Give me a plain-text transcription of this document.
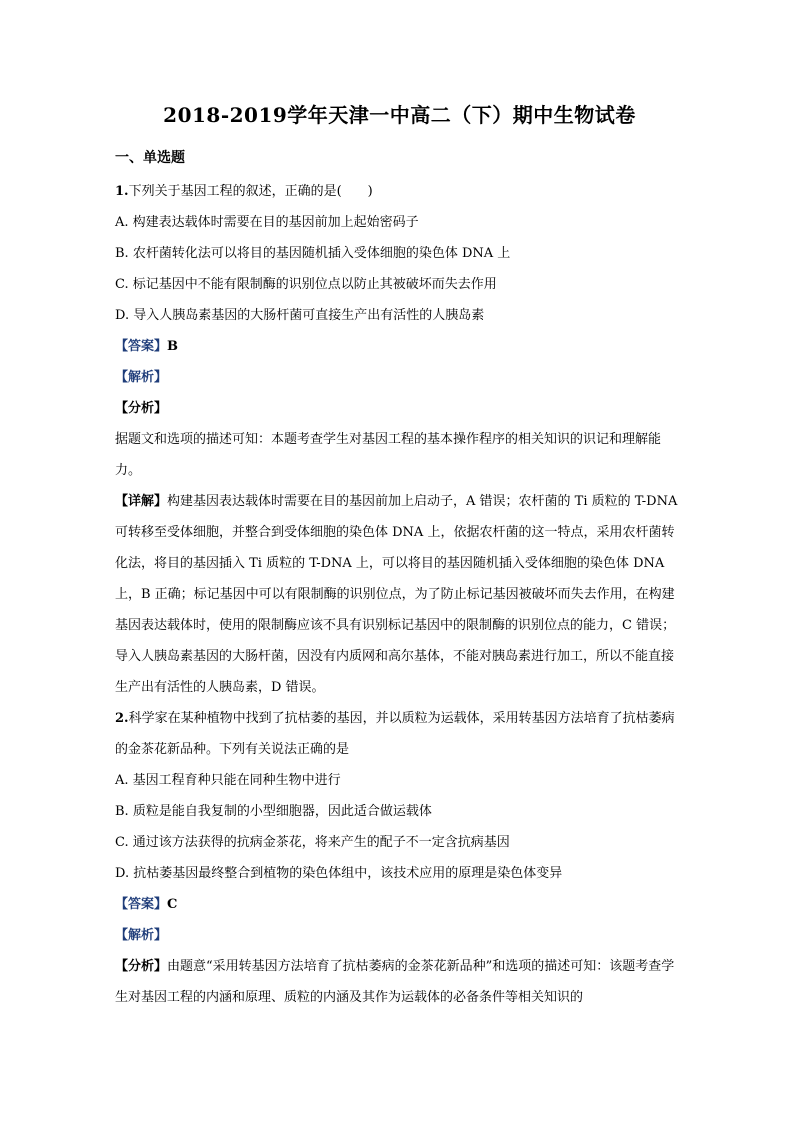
2018-2019学年天津一中高二（下）期中生物试卷
一、单选题
1.下列关于基因工程的叙述，正确的是(　　)
A. 构建表达载体时需要在目的基因前加上起始密码子
B. 农杆菌转化法可以将目的基因随机插入受体细胞的染色体 DNA 上
C. 标记基因中不能有限制酶的识别位点以防止其被破坏而失去作用
D. 导入人胰岛素基因的大肠杆菌可直接生产出有活性的人胰岛素
【答案】B
【解析】
【分析】
据题文和选项的描述可知：本题考查学生对基因工程的基本操作程序的相关知识的识记和理解能力。
【详解】构建基因表达载体时需要在目的基因前加上启动子，A 错误；农杆菌的 Ti 质粒的 T-DNA 可转移至受体细胞，并整合到受体细胞的染色体 DNA 上，依据农杆菌的这一特点，采用农杆菌转化法，将目的基因插入 Ti 质粒的 T-DNA 上，可以将目的基因随机插入受体细胞的染色体 DNA 上，B 正确；标记基因中可以有限制酶的识别位点，为了防止标记基因被破坏而失去作用，在构建基因表达载体时，使用的限制酶应该不具有识别标记基因中的限制酶的识别位点的能力，C 错误；导入人胰岛素基因的大肠杆菌，因没有内质网和高尔基体，不能对胰岛素进行加工，所以不能直接生产出有活性的人胰岛素，D 错误。
2.科学家在某种植物中找到了抗枯萎的基因，并以质粒为运载体，采用转基因方法培育了抗枯萎病的金茶花新品种。下列有关说法正确的是
A. 基因工程育种只能在同种生物中进行
B. 质粒是能自我复制的小型细胞器，因此适合做运载体
C. 通过该方法获得的抗病金茶花，将来产生的配子不一定含抗病基因
D. 抗枯萎基因最终整合到植物的染色体组中，该技术应用的原理是染色体变异
【答案】C
【解析】
【分析】由题意“采用转基因方法培育了抗枯萎病的金茶花新品种”和选项的描述可知：该题考查学生对基因工程的内涵和原理、质粒的内涵及其作为运载体的必备条件等相关知识的
